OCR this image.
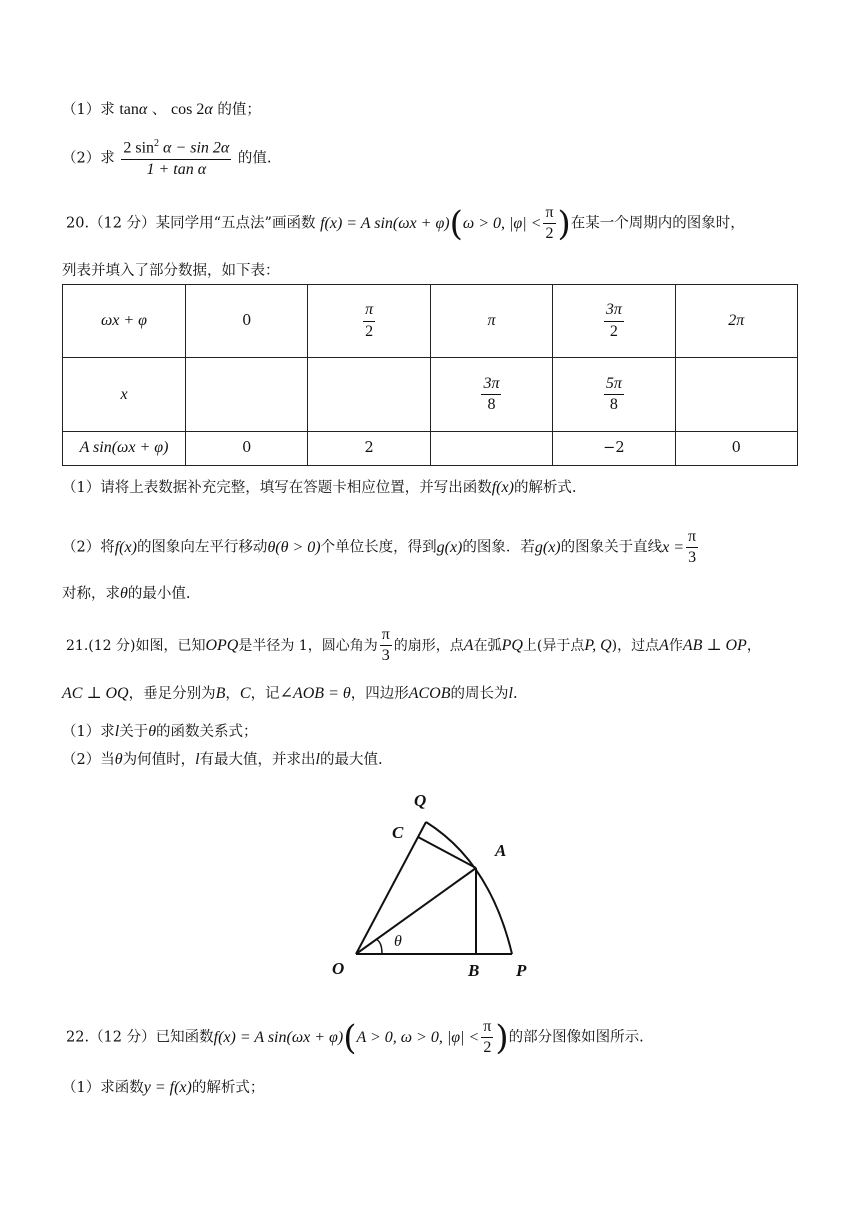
（1）求 tanα 、 cos 2α 的值；
（2）求 $\frac{2 \sin^2 \alpha - \sin 2\alpha}{\text{1 + tan α}}$ 的值.
20.（12 分）某同学用“五点法”画函数 f(x) = A sin(ωx + φ)(ω > 0, $|\varphi| < \frac{\pi}{2}$ )在某一个周期内的图象时，
列表并填入了部分数据，如下表：
ωx + φ	0	$\frac{\pi}{2}$	π	$\frac{3\pi}{2}$	2π
x			$\frac{3\pi}{8}$	$\frac{5\pi}{8}$

A sin(ωx + φ)	0	2		−2	0
（1）请将上表数据补充完整，填写在答题卡相应位置，并写出函数f(x)的解析式.
（2）将f(x)的图象向左平行移动θ(θ > 0)个单位长度，得到g(x)的图象．若g(x)的图象关于直线$x = \frac{\pi}{3}$
对称，求θ的最小值.
21.(12 分)如图，已知OPQ是半径为 1，圆心角为 $\frac{\pi}{3}$ 的扇形，点A在弧PQ上(异于点P, Q)，过点A作AB ⊥ OP，
AC ⊥ OQ，垂足分别为B，C，记∠AOB = θ，四边形ACOB的周长为l.
（1）求l关于θ的函数关系式；
（2）当θ为何值时，l有最大值，并求出l的最大值.
Q
C
A
O	B P
θ
22.（12 分）已知函数f(x) = A sin(ωx + φ)(A > 0, ω > 0, $|\varphi| < \frac{\pi}{2}$ )的部分图像如图所示.
（1）求函数y = f(x)的解析式；
